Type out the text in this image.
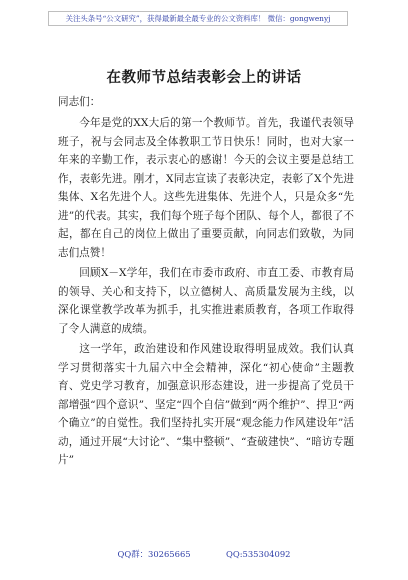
关注头条号“公文研究”，获得最新最全最专业的公文资料库！ 微信：gongwenyj
在教师节总结表彰会上的讲话
同志们：

今年是党的XX大后的第一个教师节。首先，我谨代表领导班子，祝与会同志及全体教职工节日快乐！同时，也对大家一年来的辛勤工作，表示衷心的感谢！今天的会议主要是总结工作，表彰先进。刚才，X同志宣读了表彰决定，表彰了X个先进集体、X名先进个人。这些先进集体、先进个人，只是众多“先进”的代表。其实，我们每个班子每个团队、每个人，都很了不起，都在自己的岗位上做出了重要贡献，向同志们致敬，为同志们点赞！

回顾X－X学年，我们在市委市政府、市直工委、市教育局的领导、关心和支持下，以立德树人、高质量发展为主线，以深化课堂教学改革为抓手，扎实推进素质教育，各项工作取得了令人满意的成绩。

这一学年，政治建设和作风建设取得明显成效。我们认真学习贯彻落实十九届六中全会精神，深化“初心使命”主题教育、党史学习教育，加强意识形态建设，进一步提高了党员干部增强“四个意识”、坚定“四个自信”做到“两个维护”、捍卫“两个确立”的自觉性。我们坚持扎实开展“观念能力作风建设年”活动，通过开展“大讨论”、“集中整顿”、“查破建快”、“暗访专题片”

QQ群：30265665	QQ:535304092
